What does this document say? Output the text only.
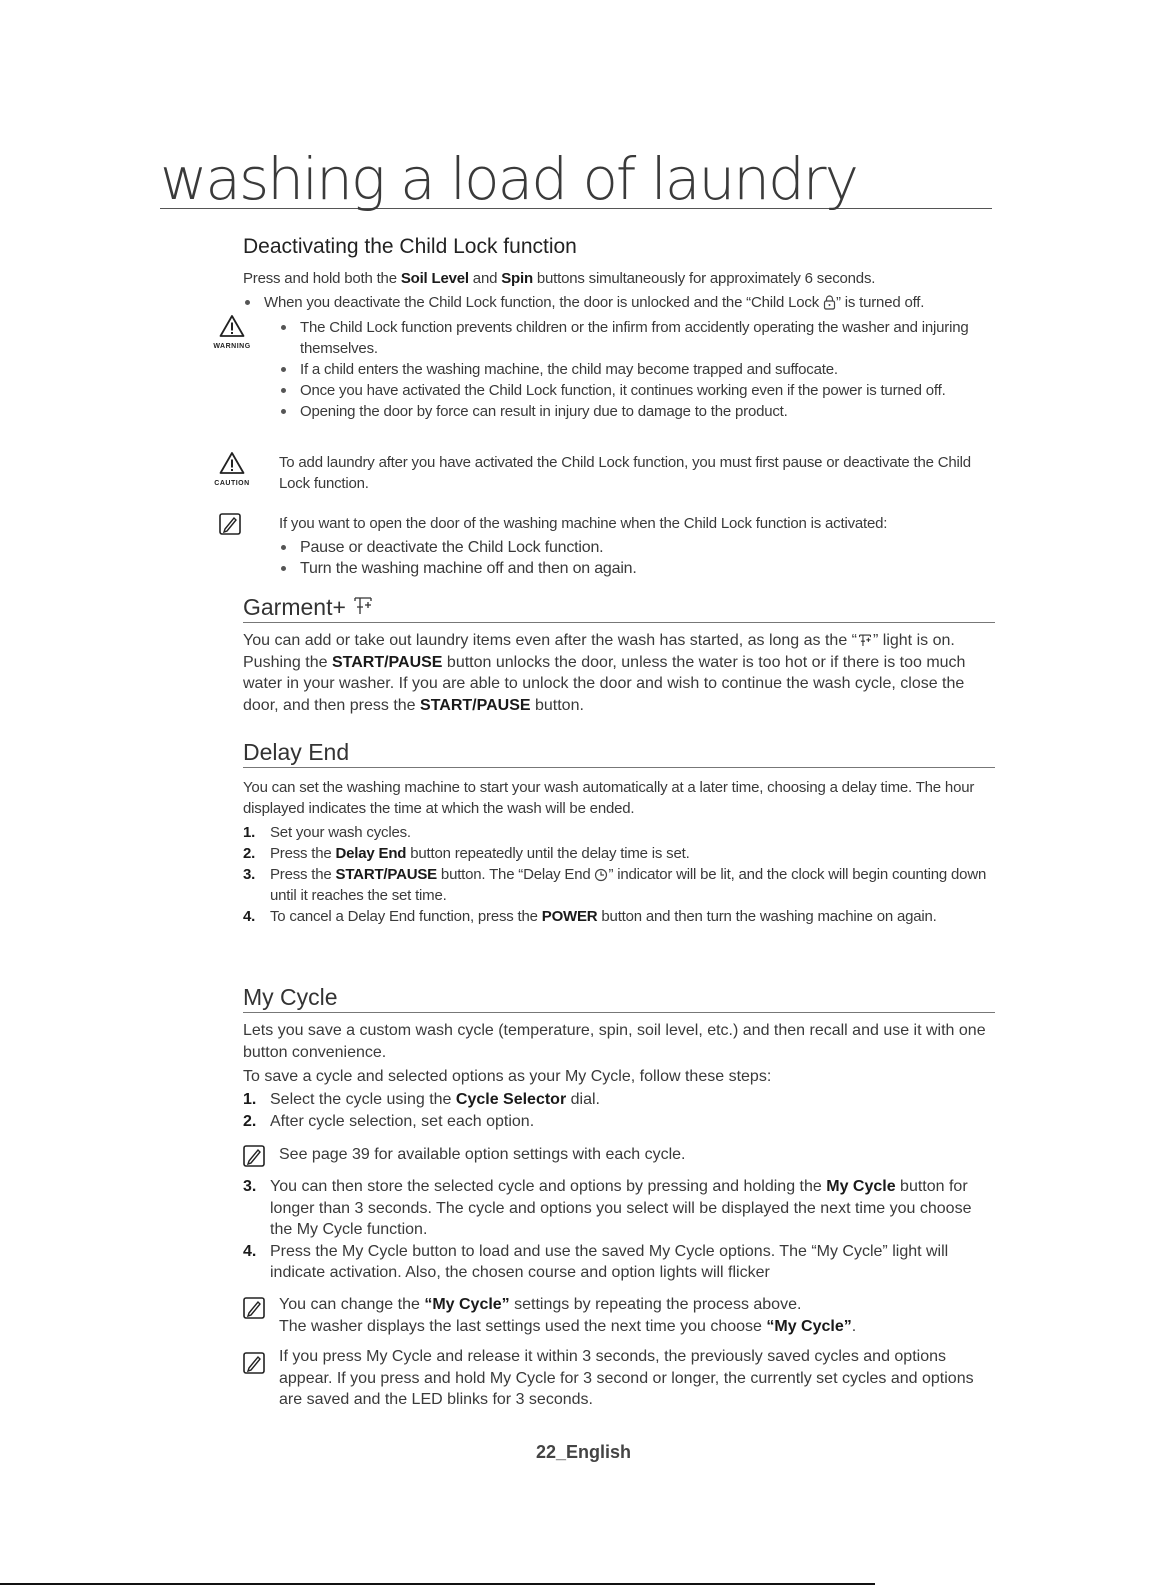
washing a load of laundry
Deactivating the Child Lock function

Press and hold both the Soil Level and Spin buttons simultaneously for approximately 6 seconds.

When you deactivate the Child Lock function, the door is unlocked and the “Child Lock ” is turned off.
WARNING
The Child Lock function prevents children or the infirm from accidently operating the washer and injuring themselves.
If a child enters the washing machine, the child may become trapped and suffocate.
Once you have activated the Child Lock function, it continues working even if the power is turned off.
Opening the door by force can result in injury due to damage to the product.
CAUTION

To add laundry after you have activated the Child Lock function, you must first pause or deactivate the Child Lock function.

If you want to open the door of the washing machine when the Child Lock function is activated:

Pause or deactivate the Child Lock function.
Turn the washing machine off and then on again.
Garment+

You can add or take out laundry items even after the wash has started, as long as the “ ” light is on. Pushing the START/PAUSE button unlocks the door, unless the water is too hot or if there is too much water in your washer. If you are able to unlock the door and wish to continue the wash cycle, close the door, and then press the START/PAUSE button.

Delay End

You can set the washing machine to start your wash automatically at a later time, choosing a delay time. The hour displayed indicates the time at which the wash will be ended.

1. Set your wash cycles.
2. Press the Delay End button repeatedly until the delay time is set.
3. Press the START/PAUSE button. The “Delay End ” indicator will be lit, and the clock will begin counting down until it reaches the set time.
4. To cancel a Delay End function, press the POWER button and then turn the washing machine on again.
My Cycle

Lets you save a custom wash cycle (temperature, spin, soil level, etc.) and then recall and use it with one button convenience.

To save a cycle and selected options as your My Cycle, follow these steps:

1. Select the cycle using the Cycle Selector dial.
2. After cycle selection, set each option.

See page 39 for available option settings with each cycle.

3. You can then store the selected cycle and options by pressing and holding the My Cycle button for longer than 3 seconds. The cycle and options you select will be displayed the next time you choose the My Cycle function.
4. Press the My Cycle button to load and use the saved My Cycle options. The “My Cycle” light will indicate activation. Also, the chosen course and option lights will flicker

You can change the “My Cycle” settings by repeating the process above.
The washer displays the last settings used the next time you choose “My Cycle”.

If you press My Cycle and release it within 3 seconds, the previously saved cycles and options appear. If you press and hold My Cycle for 3 second or longer, the currently set cycles and options are saved and the LED blinks for 3 seconds.

22_English
